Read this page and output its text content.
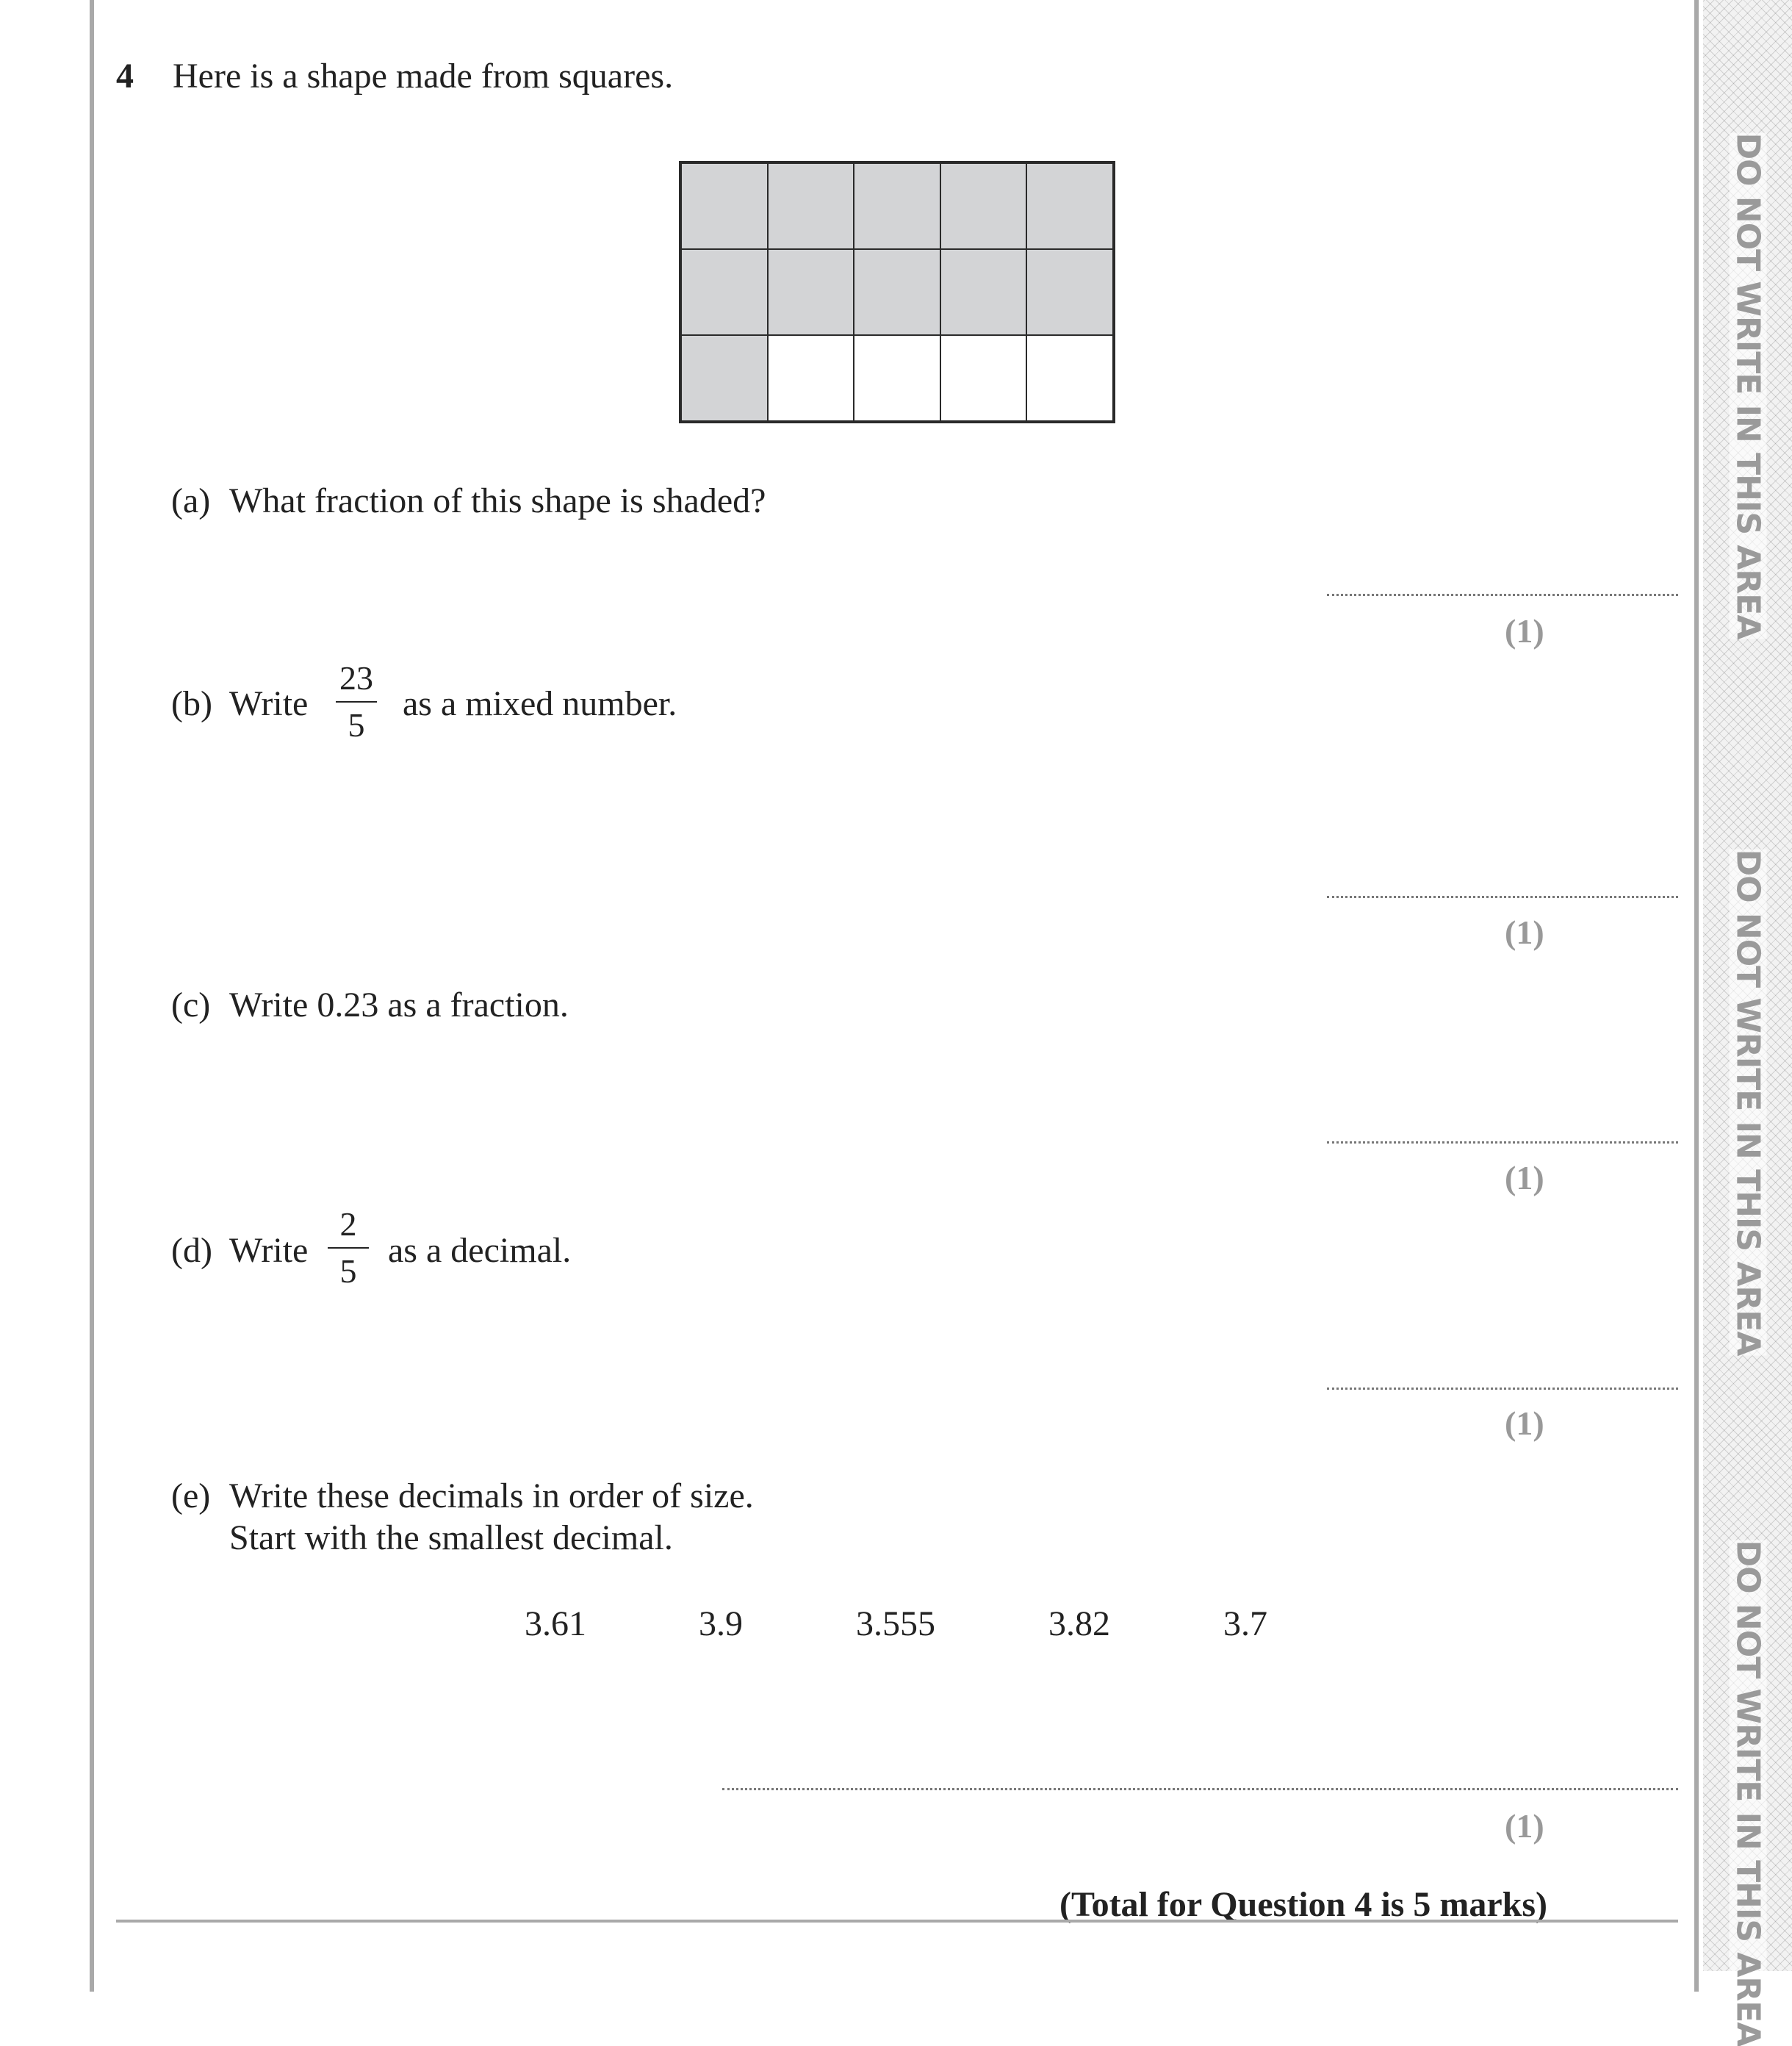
DO NOT WRITE IN THIS AREA
DO NOT WRITE IN THIS AREA
DO NOT WRITE IN THIS AREA
4 Here is a shape made from squares.
(a) What fraction of this shape is shaded?
(1)
(b) Write
23
5
as a mixed number.
(1)
(c) Write 0.23 as a fraction.
(1)
(d) Write
2
5
as a decimal.
(1)
(e) Write these decimals in order of size.
Start with the smallest decimal.
3.61	3.9	3.555	3.82	3.7
(1)
(Total for Question 4 is 5 marks)
